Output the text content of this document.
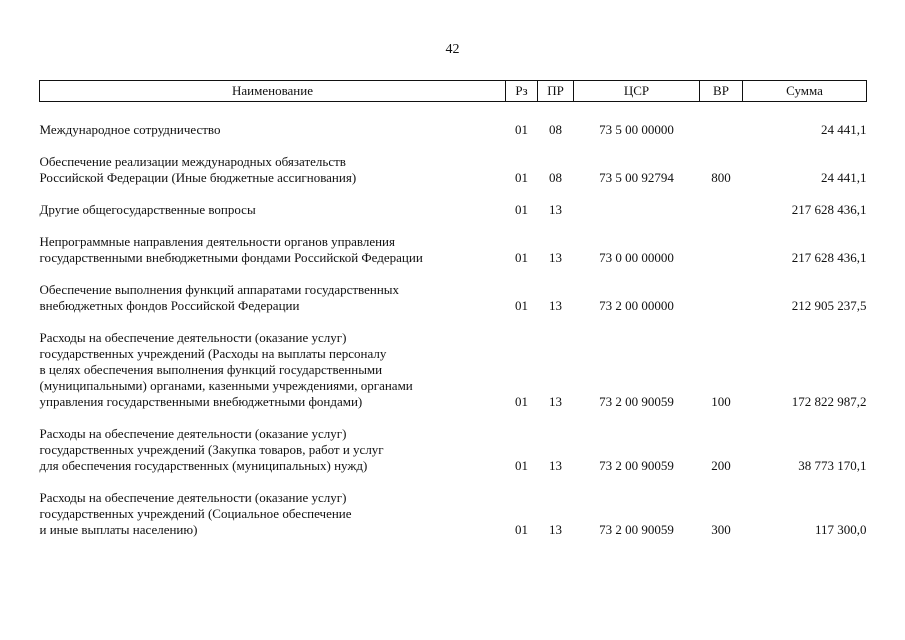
42
Наименование	Рз	ПР	ЦСР	ВР	Сумма

Международное сотрудничество	01	08	73 5 00 00000		24 441,1

Обеспечение реализации международных обязательств
Российской Федерации (Иные бюджетные ассигнования)	01	08	73 5 00 92794	800	24 441,1

Другие общегосударственные вопросы	01	13			217 628 436,1

Непрограммные направления деятельности органов управления
государственными внебюджетными фондами Российской Федерации	01	13	73 0 00 00000		217 628 436,1

Обеспечение выполнения функций аппаратами государственных
внебюджетных фондов Российской Федерации	01	13	73 2 00 00000		212 905 237,5

Расходы на обеспечение деятельности (оказание услуг)
государственных учреждений (Расходы на выплаты персоналу
в целях обеспечения выполнения функций государственными
(муниципальными) органами, казенными учреждениями, органами
управления государственными внебюджетными фондами)	01	13	73 2 00 90059	100	172 822 987,2

Расходы на обеспечение деятельности (оказание услуг)
государственных учреждений (Закупка товаров, работ и услуг
для обеспечения государственных (муниципальных) нужд)	01	13	73 2 00 90059	200	38 773 170,1

Расходы на обеспечение деятельности (оказание услуг)
государственных учреждений (Социальное обеспечение
и иные выплаты населению)	01	13	73 2 00 90059	300	117 300,0
